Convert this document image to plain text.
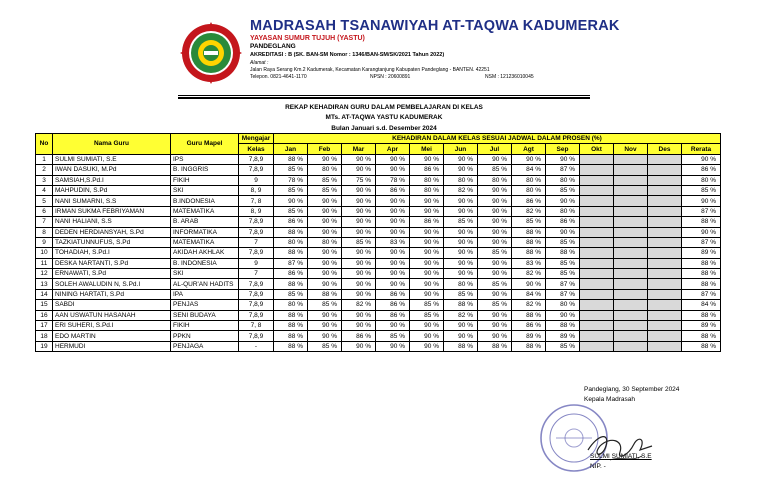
MADRASAH TSANAWIYAH AT-TAQWA KADUMERAK
YAYASAN SUMUR TUJUH (YASTU)
PANDEGLANG
AKREDITASI : B (SK. BAN-SM Nomor : 1346/BAN-SM/SK/2021 Tahun 2022)
Alamat :
Jalan Raya Serang Km.2 Kadumerak, Kecamatan Karangtanjung Kabupaten Pandeglang - BANTEN. 42251
Telepon. 0821-4641-1170	NPSN : 20600891	NSM : 121236010045
REKAP KEHADIRAN GURU DALAM PEMBELAJARAN DI KELAS
MTs. AT-TAQWA YASTU KADUMERAK
Bulan Januari s.d. Desember 2024
No	Nama Guru	Guru Mapel	Mengajar	KEHADIRAN DALAM KELAS SESUAI JADWAL DALAM PROSEN (%)												
			Kelas	Jan	Feb	Mar	Apr	Mei	Jun	Jul	Agt	Sep	Okt	Nov	Des	Rerata
1	SULMI SUMIATI, S.E	IPS	7,8,9	88 %	90 %	90 %	90 %	90 %	90 %	90 %	90 %	90 %				90 %
2	IWAN DASUKI, M.Pd	B. INGGRIS	7,8,9	85 %	80 %	90 %	90 %	86 %	90 %	85 %	84 %	87 %				86 %
3	SAMSIAH,S.Pd.I	FIKIH	9	78 %	85 %	75 %	78 %	80 %	80 %	80 %	80 %	80 %				80 %
4	MAHPUDIN, S.Pd	SKI	8, 9	85 %	85 %	90 %	86 %	80 %	82 %	90 %	80 %	85 %				85 %
5	NANI SUMARNI, S.S	B.INDONESIA	7, 8	90 %	90 %	90 %	90 %	90 %	90 %	90 %	86 %	90 %				90 %
6	IRMAN SUKMA FEBRIYAMAN	MATEMATIKA	8, 9	85 %	90 %	90 %	90 %	90 %	90 %	90 %	82 %	80 %				87 %
7	NANI HALIANI, S.S	B. ARAB	7,8,9	86 %	90 %	90 %	90 %	86 %	85 %	90 %	85 %	86 %				88 %
8	DEDEN HERDIANSYAH, S.Pd	INFORMATIKA	7,8,9	88 %	90 %	90 %	90 %	90 %	90 %	90 %	88 %	90 %				90 %
9	TAZKIATUNNUFUS, S.Pd	MATEMATIKA	7	80 %	80 %	85 %	83 %	90 %	90 %	90 %	88 %	85 %				87 %
10	TOHADIAH, S.Pd.I	AKIDAH AKHLAK	7,8,9	88 %	90 %	90 %	90 %	90 %	90 %	85 %	88 %	88 %				89 %
11	DESKA NARTANTI, S.Pd	B. INDONESIA	9	87 %	90 %	90 %	90 %	90 %	90 %	90 %	83 %	85 %				88 %
12	ERNAWATI, S.Pd	SKI	7	86 %	90 %	90 %	90 %	90 %	90 %	90 %	82 %	85 %				88 %
13	SOLEH AWALUDIN N, S.Pd.I	AL-QUR'AN HADITS	7,8,9	88 %	90 %	90 %	90 %	90 %	80 %	85 %	90 %	87 %				88 %
14	NINING HARTATI, S.Pd	IPA	7,8,9	85 %	88 %	90 %	86 %	90 %	85 %	90 %	84 %	87 %				87 %
15	SABDI	PENJAS	7,8,9	80 %	85 %	82 %	86 %	85 %	88 %	85 %	82 %	80 %				84 %
16	AAN USWATUN HASANAH	SENI BUDAYA	7,8,9	88 %	90 %	90 %	86 %	85 %	82 %	90 %	88 %	90 %				88 %
17	ERI SUHERI, S.Pd.I	FIKIH	7, 8	88 %	90 %	90 %	90 %	90 %	90 %	90 %	86 %	88 %				89 %
18	EDO MARTIN	PPKN	7,8,9	88 %	90 %	86 %	85 %	90 %	90 %	90 %	89 %	89 %				88 %
19	HERMUDI	PENJAGA	-	88 %	85 %	90 %	90 %	90 %	88 %	88 %	88 %	85 %				88 %
Pandeglang, 30 September 2024
Kepala Madrasah
SULMI SUMIATI, S.E
NIP. -
